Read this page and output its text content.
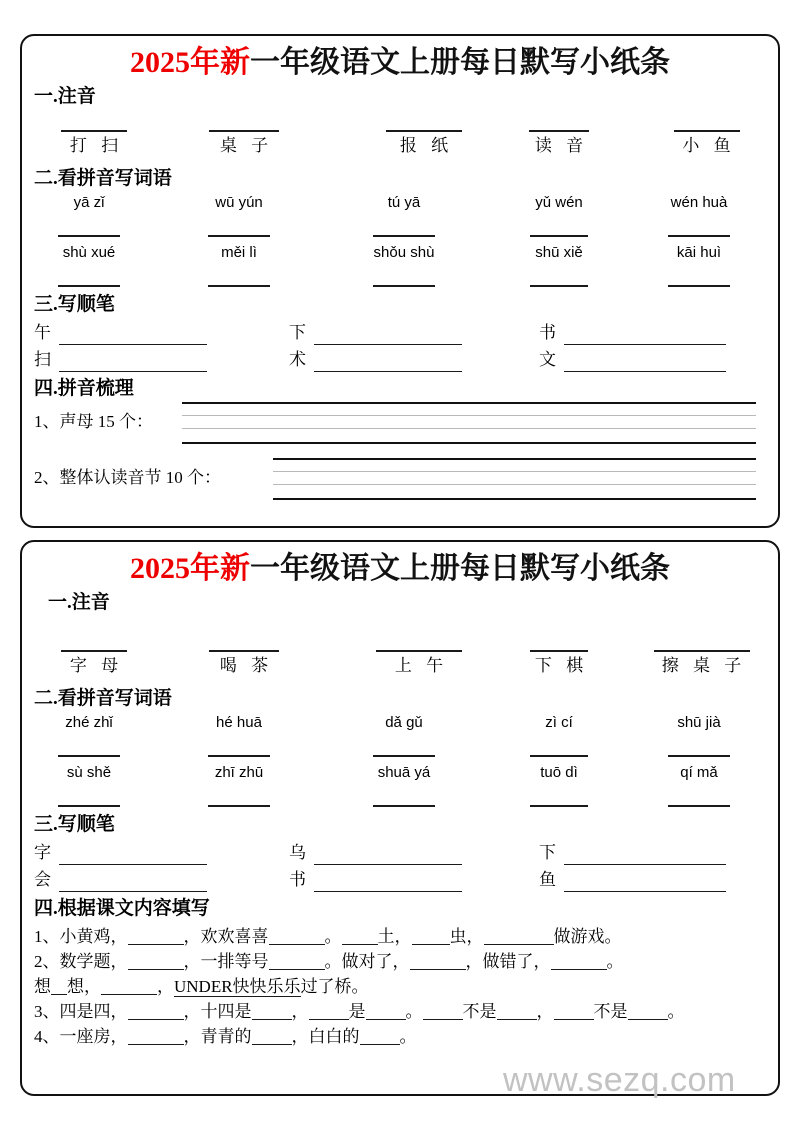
2025年新一年级语文上册每日默写小纸条
一.注音
打 扫	桌 子	报 纸	读 音	小 鱼
二.看拼音写词语
yā zǐ	wū yún	tú yā	yǔ wén	wén huà
shù xué	měi lì	shǒu shù	shū xiě	kāi huì
三.写顺笔
午	下	书
扫	术	文
四.拼音梳理
1、声母 15 个：
2、整体认读音节 10 个：
2025年新一年级语文上册每日默写小纸条
一.注音
字 母	喝 茶	上 午	下 棋	擦 桌 子
二.看拼音写词语
zhé zhǐ	hé huā	dǎ gǔ	zì cí	shū jià
sù shě	zhī zhū	shuā yá	tuō dì	qí mǎ
三.写顺笔
字	乌	下
会	书	鱼
四.根据课文内容填写
1、小黄鸡，	，欢欢喜喜	。 土， 虫，	做游戏。
2、数学题，	，一排等号	。做对了，	，做错了，	。
想 想，	，UNDER快快乐乐过了桥。
3、四是四，	，十四是 ， 是 。 不是 ， 不是 。
4、一座房，	，青青的 ，白白的 。
www.sezq.com
